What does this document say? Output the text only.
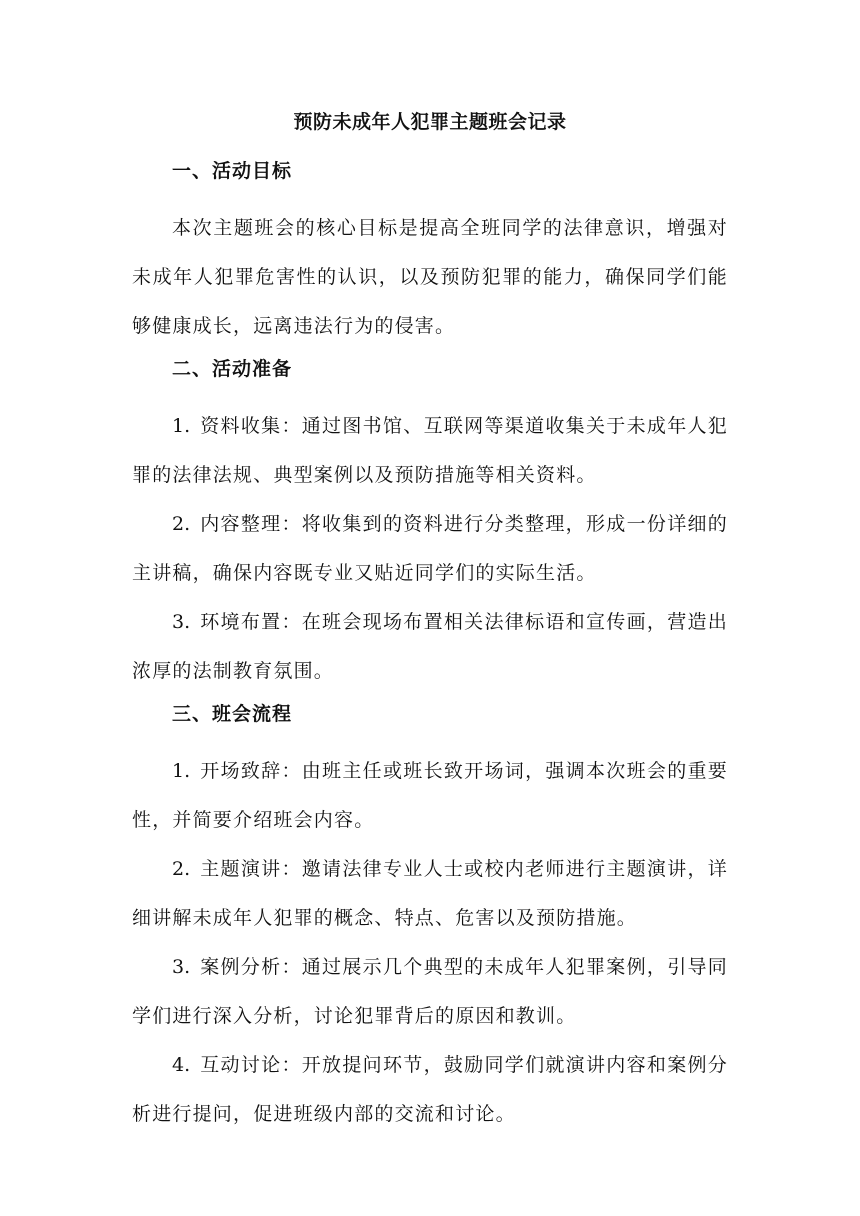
预防未成年人犯罪主题班会记录
一、活动目标

本次主题班会的核心目标是提高全班同学的法律意识，增强对未成年人犯罪危害性的认识，以及预防犯罪的能力，确保同学们能够健康成长，远离违法行为的侵害。

二、活动准备

1. 资料收集：通过图书馆、互联网等渠道收集关于未成年人犯罪的法律法规、典型案例以及预防措施等相关资料。

2. 内容整理：将收集到的资料进行分类整理，形成一份详细的主讲稿，确保内容既专业又贴近同学们的实际生活。

3. 环境布置：在班会现场布置相关法律标语和宣传画，营造出浓厚的法制教育氛围。

三、班会流程

1. 开场致辞：由班主任或班长致开场词，强调本次班会的重要性，并简要介绍班会内容。

2. 主题演讲：邀请法律专业人士或校内老师进行主题演讲，详细讲解未成年人犯罪的概念、特点、危害以及预防措施。

3. 案例分析：通过展示几个典型的未成年人犯罪案例，引导同学们进行深入分析，讨论犯罪背后的原因和教训。

4. 互动讨论：开放提问环节，鼓励同学们就演讲内容和案例分析进行提问，促进班级内部的交流和讨论。
